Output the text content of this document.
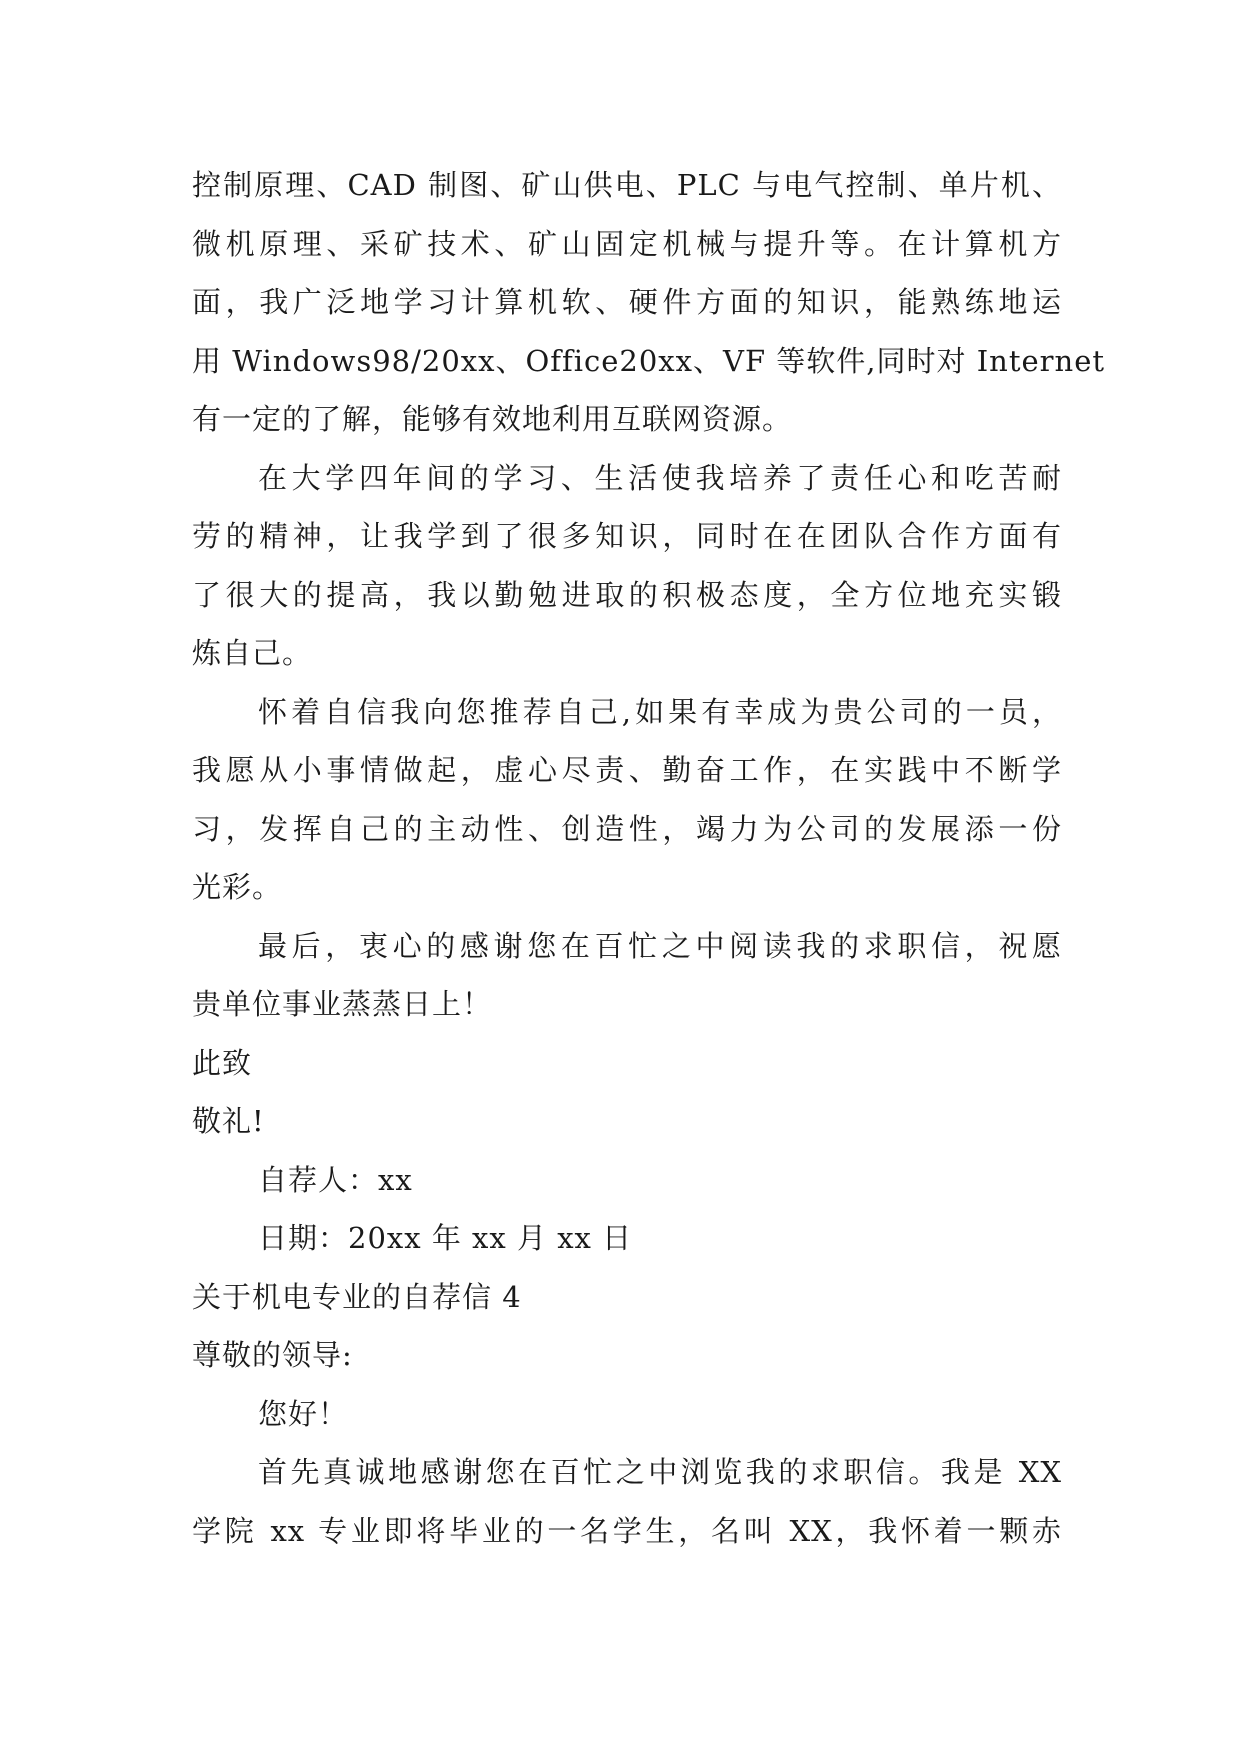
控制原理、CAD 制图、矿山供电、PLC 与电气控制、单片机、
微机原理、采矿技术、矿山固定机械与提升等。在计算机方
面，我广泛地学习计算机软、硬件方面的知识，能熟练地运
用 Windows98/20xx、Office20xx、VF 等软件,同时对 Internet
有一定的了解，能够有效地利用互联网资源。
在大学四年间的学习、生活使我培养了责任心和吃苦耐
劳的精神，让我学到了很多知识，同时在在团队合作方面有
了很大的提高，我以勤勉进取的积极态度，全方位地充实锻
炼自己。
怀着自信我向您推荐自己,如果有幸成为贵公司的一员，
我愿从小事情做起，虚心尽责、勤奋工作，在实践中不断学
习，发挥自己的主动性、创造性，竭力为公司的发展添一份
光彩。
最后，衷心的感谢您在百忙之中阅读我的求职信，祝愿
贵单位事业蒸蒸日上！
此致
敬礼!
自荐人：xx
日期：20xx 年 xx 月 xx 日
关于机电专业的自荐信 4
尊敬的领导:
您好！
首先真诚地感谢您在百忙之中浏览我的求职信。我是 XX
学院 xx 专业即将毕业的一名学生，名叫 XX，我怀着一颗赤
